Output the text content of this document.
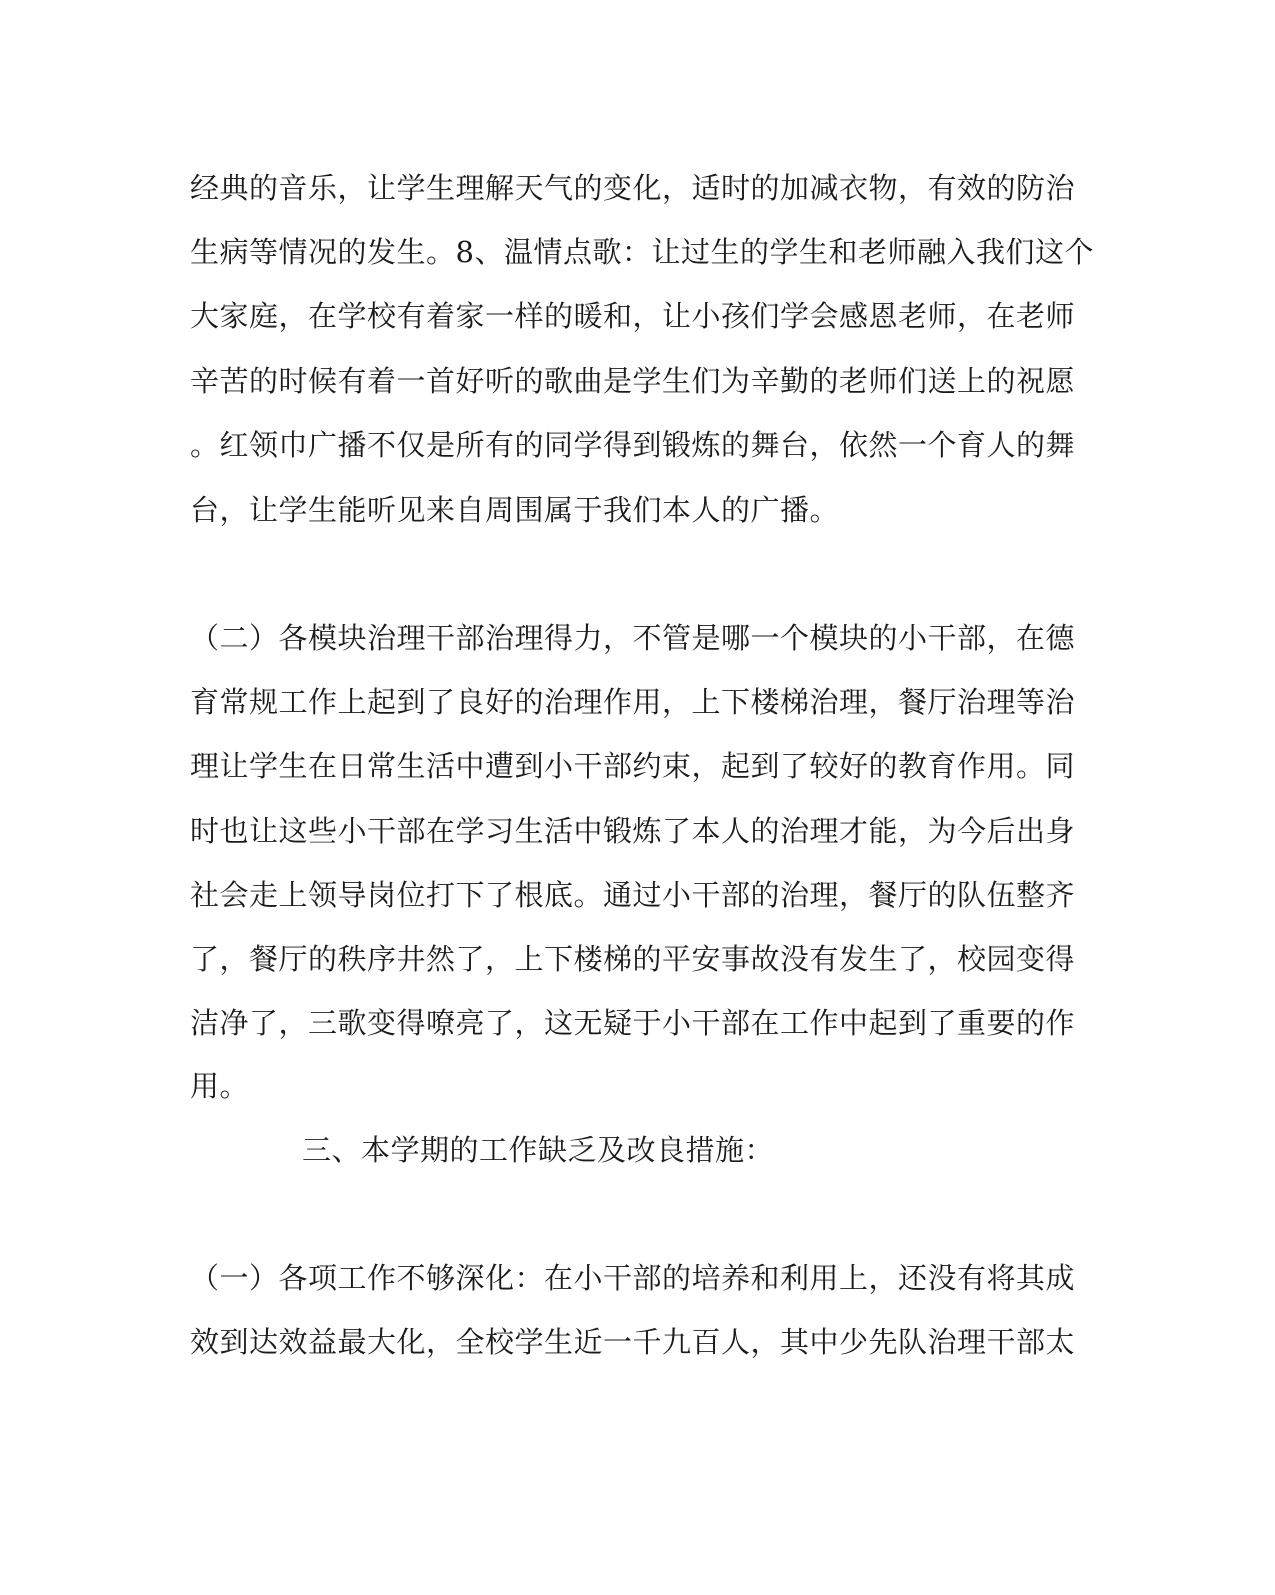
经典的音乐，让学生理解天气的变化，适时的加减衣物，有效的防治
生病等情况的发生。8、温情点歌：让过生的学生和老师融入我们这个
大家庭，在学校有着家一样的暖和，让小孩们学会感恩老师，在老师
辛苦的时候有着一首好听的歌曲是学生们为辛勤的老师们送上的祝愿
。红领巾广播不仅是所有的同学得到锻炼的舞台，依然一个育人的舞
台，让学生能听见来自周围属于我们本人的广播。
（二）各模块治理干部治理得力，不管是哪一个模块的小干部，在德
育常规工作上起到了良好的治理作用，上下楼梯治理，餐厅治理等治
理让学生在日常生活中遭到小干部约束，起到了较好的教育作用。同
时也让这些小干部在学习生活中锻炼了本人的治理才能，为今后出身
社会走上领导岗位打下了根底。通过小干部的治理，餐厅的队伍整齐
了，餐厅的秩序井然了，上下楼梯的平安事故没有发生了，校园变得
洁净了，三歌变得嘹亮了，这无疑于小干部在工作中起到了重要的作
用。
三、本学期的工作缺乏及改良措施：
（一）各项工作不够深化：在小干部的培养和利用上，还没有将其成
效到达效益最大化，全校学生近一千九百人，其中少先队治理干部太
